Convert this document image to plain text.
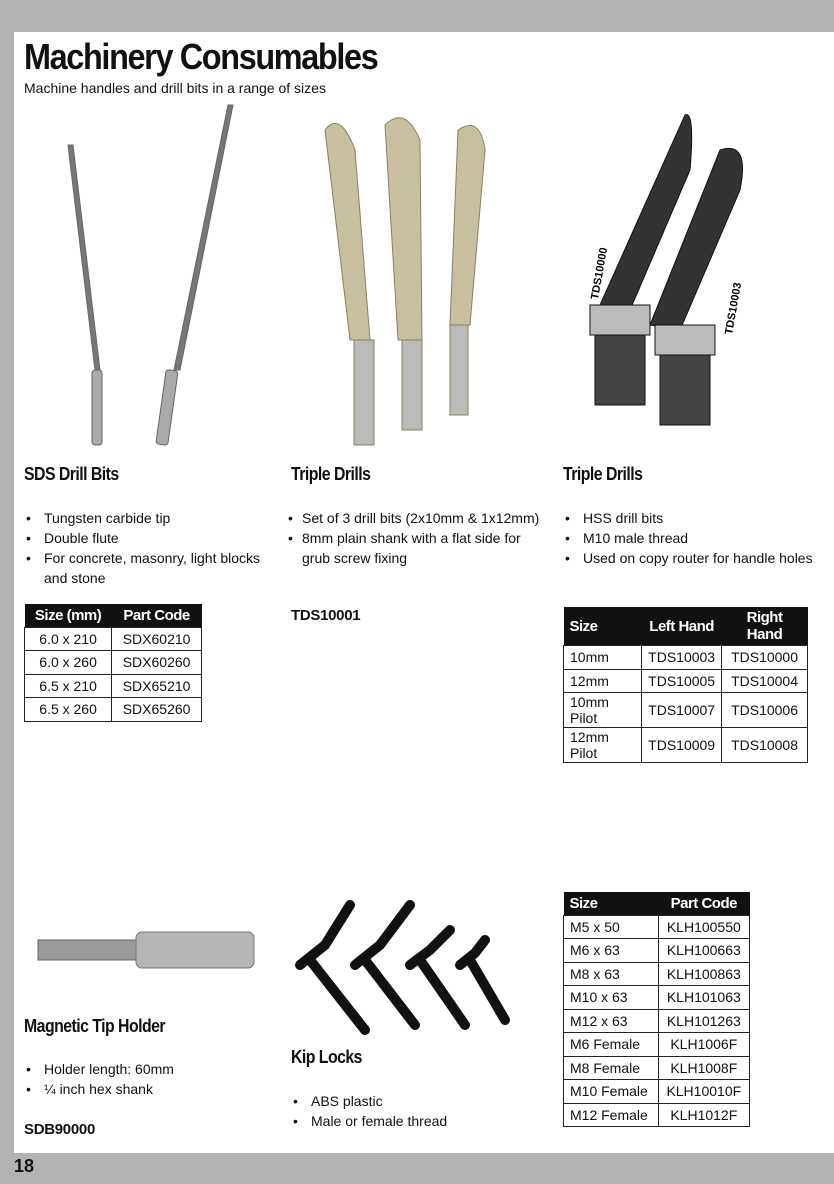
Machinery Consumables
Machine handles and drill bits in a range of sizes
TDS10000
TDS10003
SDS Drill Bits
• Tungsten carbide tip
• Double flute
• For concrete, masonry, light blocks and stone
Size (mm)	Part Code
6.0 x 210	SDX60210
6.0 x 260	SDX60260
6.5 x 210	SDX65210
6.5 x 260	SDX65260
Triple Drills
• Set of 3 drill bits (2x10mm & 1x12mm)
• 8mm plain shank with a flat side for grub screw fixing
TDS10001
Triple Drills
• HSS drill bits
• M10 male thread
• Used on copy router for handle holes
Size	Left Hand	Right Hand
10mm	TDS10003	TDS10000
12mm	TDS10005	TDS10004
10mm Pilot	TDS10007	TDS10006
12mm Pilot	TDS10009	TDS10008
Magnetic Tip Holder
• Holder length: 60mm
• ¼ inch hex shank
SDB90000
Kip Locks
• ABS plastic
• Male or female thread
Size	Part Code
M5 x 50	KLH100550
M6 x 63	KLH100663
M8 x 63	KLH100863
M10 x 63	KLH101063
M12 x 63	KLH101263
M6 Female	KLH1006F
M8 Female	KLH1008F
M10 Female	KLH10010F
M12 Female	KLH1012F
18
